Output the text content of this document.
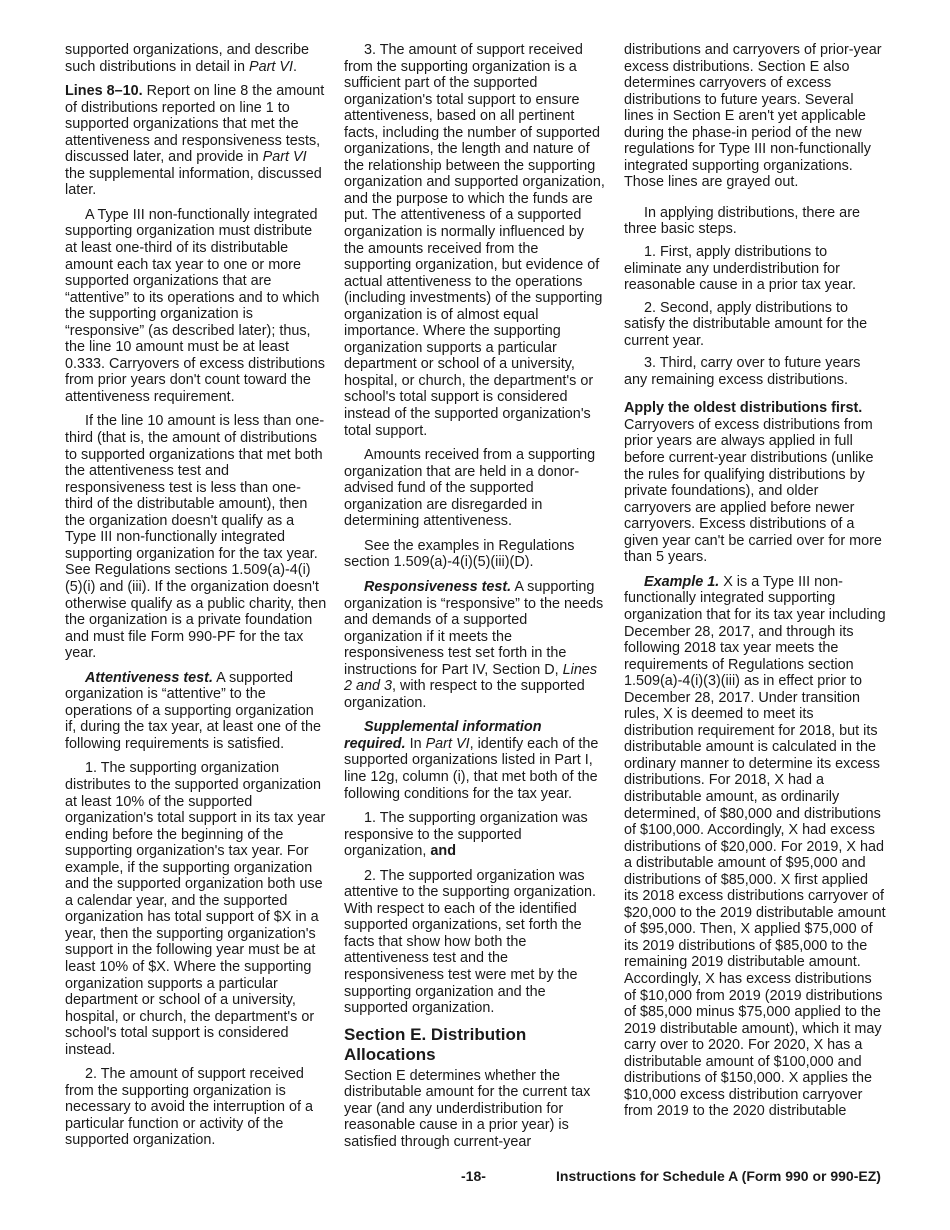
supported organizations, and describe such distributions in detail in Part VI.

Lines 8–10. Report on line 8 the amount of distributions reported on line 1 to supported organizations that met the attentiveness and responsiveness tests, discussed later, and provide in Part VI the supplemental information, discussed later.

A Type III non-functionally integrated supporting organization must distribute at least one-third of its distributable amount each tax year to one or more supported organizations that are “attentive” to its operations and to which the supporting organization is “responsive” (as described later); thus, the line 10 amount must be at least 0.333. Carryovers of excess distributions from prior years don't count toward the attentiveness requirement.

If the line 10 amount is less than one-third (that is, the amount of distributions to supported organizations that met both the attentiveness test and responsiveness test is less than one-third of the distributable amount), then the organization doesn't qualify as a Type III non-functionally integrated supporting organization for the tax year. See Regulations sections 1.509(a)-4(i)(5)(i) and (iii). If the organization doesn't otherwise qualify as a public charity, then the organization is a private foundation and must file Form 990-PF for the tax year.

Attentiveness test. A supported organization is “attentive” to the operations of a supporting organization if, during the tax year, at least one of the following requirements is satisfied.

1. The supporting organization distributes to the supported organization at least 10% of the supported organization's total support in its tax year ending before the beginning of the supporting organization's tax year. For example, if the supporting organization and the supported organization both use a calendar year, and the supported organization has total support of $X in a year, then the supporting organization's support in the following year must be at least 10% of $X. Where the supporting organization supports a particular department or school of a university, hospital, or church, the department's or school's total support is considered instead.

2. The amount of support received from the supporting organization is necessary to avoid the interruption of a particular function or activity of the supported organization.

3. The amount of support received from the supporting organization is a sufficient part of the supported organization's total support to ensure attentiveness, based on all pertinent facts, including the number of supported organizations, the length and nature of the relationship between the supporting organization and supported organization, and the purpose to which the funds are put. The attentiveness of a supported organization is normally influenced by the amounts received from the supporting organization, but evidence of actual attentiveness to the operations (including investments) of the supporting organization is of almost equal importance. Where the supporting organization supports a particular department or school of a university, hospital, or church, the department's or school's total support is considered instead of the supported organization's total support.

Amounts received from a supporting organization that are held in a donor-advised fund of the supported organization are disregarded in determining attentiveness.

See the examples in Regulations section 1.509(a)-4(i)(5)(iii)(D).

Responsiveness test. A supporting organization is “responsive” to the needs and demands of a supported organization if it meets the responsiveness test set forth in the instructions for Part IV, Section D, Lines 2 and 3, with respect to the supported organization.

Supplemental information required. In Part VI, identify each of the supported organizations listed in Part I, line 12g, column (i), that met both of the following conditions for the tax year.

1. The supporting organization was responsive to the supported organization, and

2. The supported organization was attentive to the supporting organization. With respect to each of the identified supported organizations, set forth the facts that show how both the attentiveness test and the responsiveness test were met by the supporting organization and the supported organization.

Section E. Distribution Allocations

Section E determines whether the distributable amount for the current tax year (and any underdistribution for reasonable cause in a prior year) is satisfied through current-year

distributions and carryovers of prior-year excess distributions. Section E also determines carryovers of excess distributions to future years. Several lines in Section E aren't yet applicable during the phase-in period of the new regulations for Type III non-functionally integrated supporting organizations. Those lines are grayed out.

In applying distributions, there are three basic steps.

1. First, apply distributions to eliminate any underdistribution for reasonable cause in a prior tax year.

2. Second, apply distributions to satisfy the distributable amount for the current year.

3. Third, carry over to future years any remaining excess distributions.

Apply the oldest distributions first.
Carryovers of excess distributions from prior years are always applied in full before current-year distributions (unlike the rules for qualifying distributions by private foundations), and older carryovers are applied before newer carryovers. Excess distributions of a given year can't be carried over for more than 5 years.

Example 1. X is a Type III non-functionally integrated supporting organization that for its tax year including December 28, 2017, and through its following 2018 tax year meets the requirements of Regulations section 1.509(a)-4(i)(3)(iii) as in effect prior to December 28, 2017. Under transition rules, X is deemed to meet its distribution requirement for 2018, but its distributable amount is calculated in the ordinary manner to determine its excess distributions. For 2018, X had a distributable amount, as ordinarily determined, of $80,000 and distributions of $100,000. Accordingly, X had excess distributions of $20,000. For 2019, X had a distributable amount of $95,000 and distributions of $85,000. X first applied its 2018 excess distributions carryover of $20,000 to the 2019 distributable amount of $95,000. Then, X applied $75,000 of its 2019 distributions of $85,000 to the remaining 2019 distributable amount. Accordingly, X has excess distributions of $10,000 from 2019 (2019 distributions of $85,000 minus $75,000 applied to the 2019 distributable amount), which it may carry over to 2020. For 2020, X has a distributable amount of $100,000 and distributions of $150,000. X applies the $10,000 excess distribution carryover from 2019 to the 2020 distributable

-18-	Instructions for Schedule A (Form 990 or 990-EZ)
